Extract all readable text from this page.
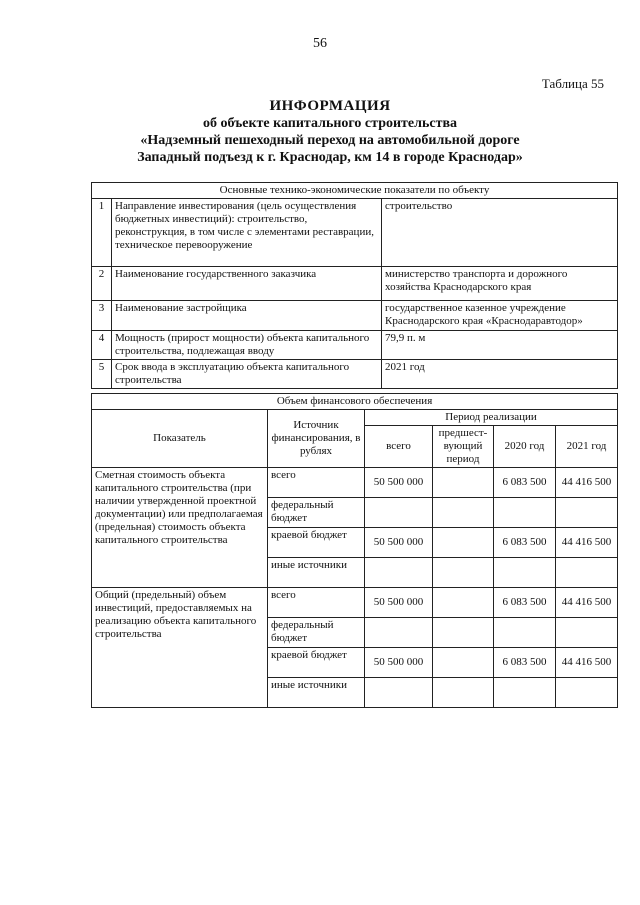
56
Таблица 55
ИНФОРМАЦИЯ
об объекте капитального строительства
«Надземный пешеходный переход на автомобильной дороге
Западный подъезд к г. Краснодар, км 14 в городе Краснодар»
Основные технико-экономические показатели по объекту		
1	Направление инвестирования (цель осуществления бюджетных инвестиций): строительство, реконструкция, в том числе с элементами реставрации, техническое перевооружение	строительство
2	Наименование государственного заказчика	министерство транспорта и дорожного хозяйства Краснодарского края
3	Наименование застройщика	государственное казенное учреждение Краснодарского края «Краснодаравтодор»
4	Мощность (прирост мощности) объекта капитального строительства, подлежащая вводу	79,9 п. м
5	Срок ввода в эксплуатацию объекта капитального строительства	2021 год
Объем финансового обеспечения					
Показатель	Источник финансирования, в рублях	Период реализации			
		всего	предшест-вующий период	2020 год	2021 год
Сметная стоимость объекта капитального строительства (при наличии утвержденной проектной документации) или предполагаемая (предельная) стоимость объекта капитального строительства	всего	50 500 000		6 083 500	44 416 500
	федеральный бюджет				
	краевой бюджет	50 500 000		6 083 500	44 416 500
	иные источники				
Общий (предельный) объем инвестиций, предоставляемых на реализацию объекта капитального строительства	всего	50 500 000		6 083 500	44 416 500
	федеральный бюджет				
	краевой бюджет	50 500 000		6 083 500	44 416 500
	иные источники				
